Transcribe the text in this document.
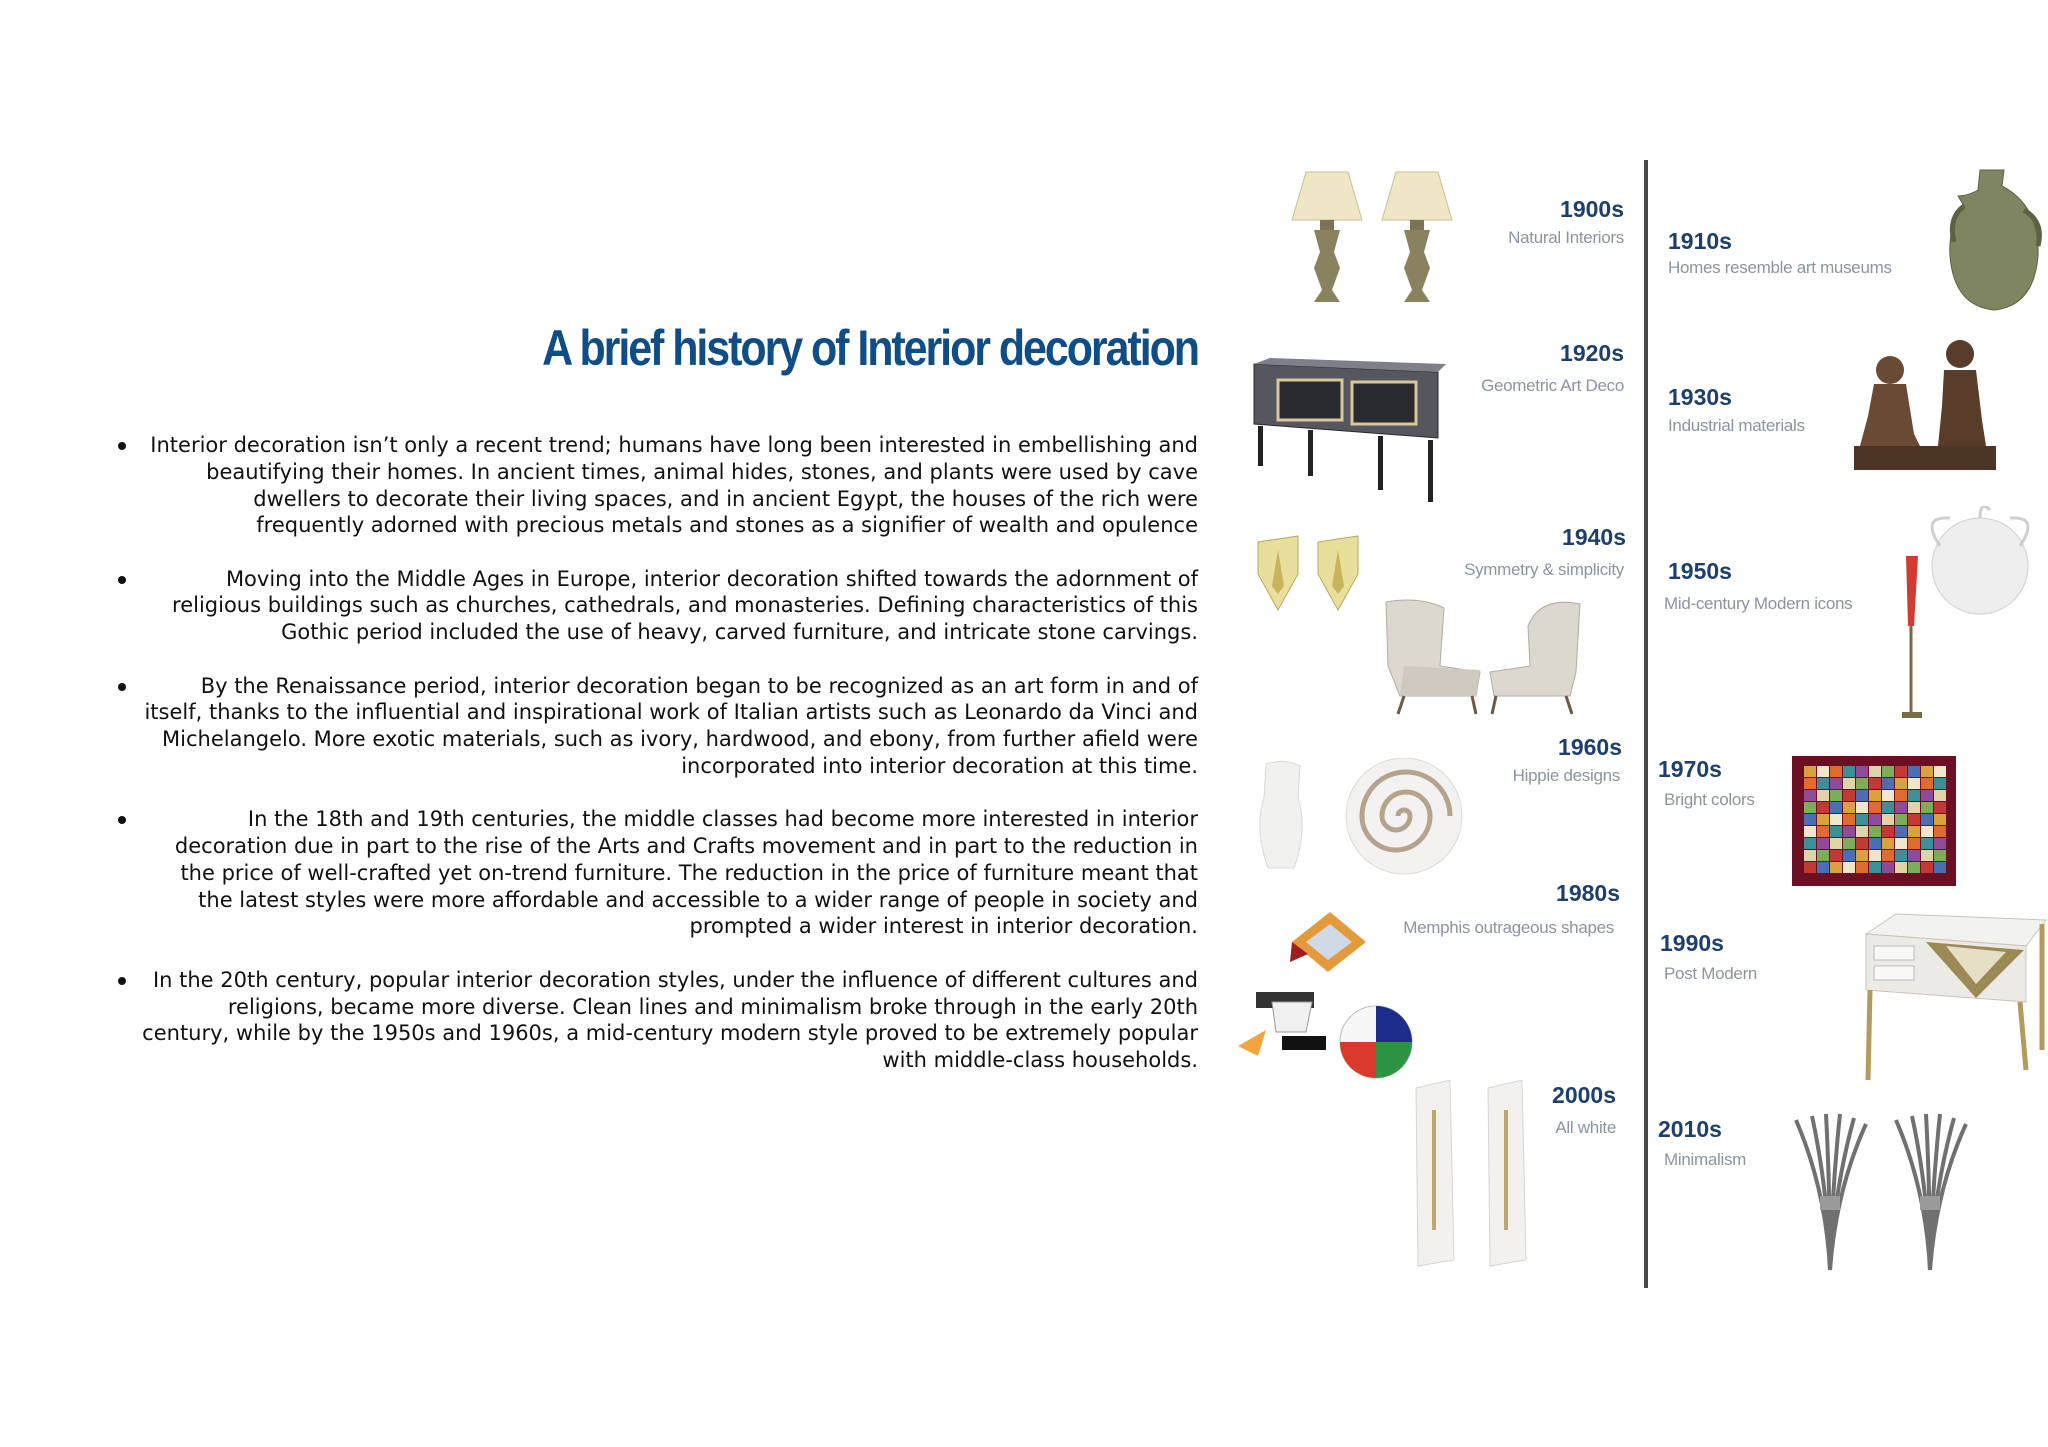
A brief history of Interior decoration
Interior decoration isn’t only a recent trend; humans have long been interested in embellishing and beautifying their homes. In ancient times, animal hides, stones, and plants were used by cave dwellers to decorate their living spaces, and in ancient Egypt, the houses of the rich were frequently adorned with precious metals and stones as a signifier of wealth and opulence
Moving into the Middle Ages in Europe, interior decoration shifted towards the adornment of religious buildings such as churches, cathedrals, and monasteries. Defining characteristics of this Gothic period included the use of heavy, carved furniture, and intricate stone carvings.
By the Renaissance period, interior decoration began to be recognized as an art form in and of itself, thanks to the influential and inspirational work of Italian artists such as Leonardo da Vinci and Michelangelo. More exotic materials, such as ivory, hardwood, and ebony, from further afield were incorporated into interior decoration at this time.
In the 18th and 19th centuries, the middle classes had become more interested in interior decoration due in part to the rise of the Arts and Crafts movement and in part to the reduction in the price of well-crafted yet on-trend furniture. The reduction in the price of furniture meant that the latest styles were more affordable and accessible to a wider range of people in society and prompted a wider interest in interior decoration.
In the 20th century, popular interior decoration styles, under the influence of different cultures and religions, became more diverse. Clean lines and minimalism broke through in the early 20th century, while by the 1950s and 1960s, a mid-century modern style proved to be extremely popular with middle-class households.
1900s
Natural Interiors
1920s
Geometric Art Deco
1940s
Symmetry & simplicity
1960s
Hippie designs
1980s
Memphis outrageous shapes
2000s
All white
1910s
Homes resemble art museums
1930s
Industrial materials
1950s
Mid-century Modern icons
1970s
Bright colors
1990s
Post Modern
2010s
Minimalism
